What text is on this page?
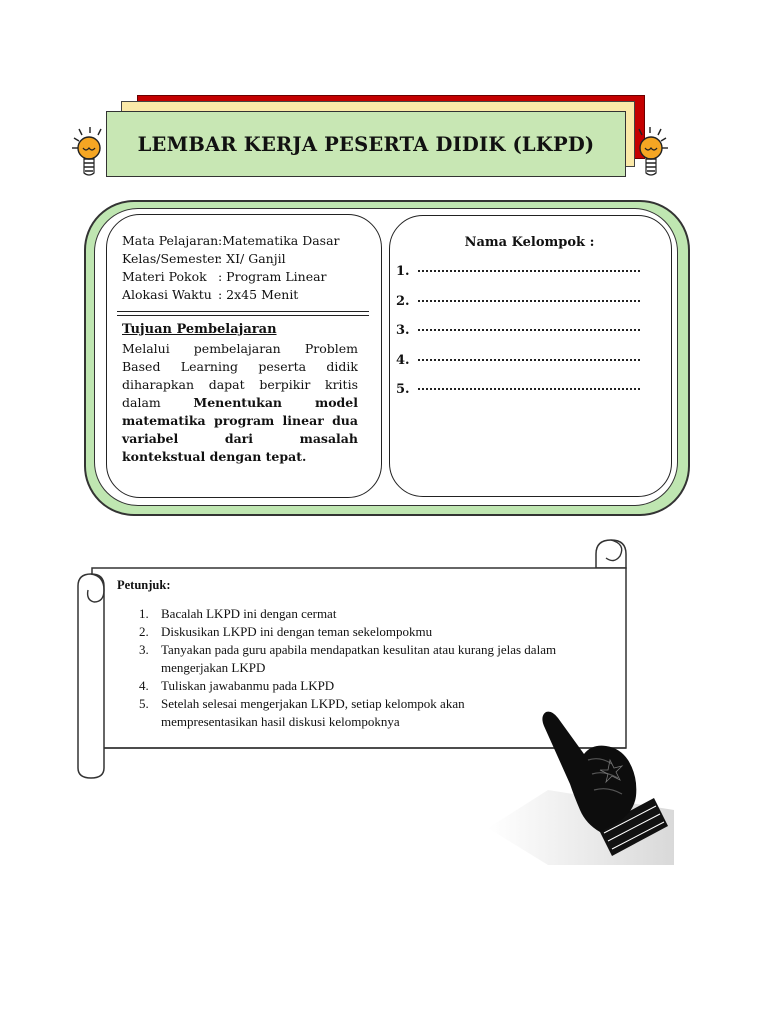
LEMBAR KERJA PESERTA DIDIK (LKPD)
Mata Pelajaran :Matematika Dasar
Kelas/Semester
: XI/ Ganjil
Materi Pokok : Program Linear
Alokasi Waktu : 2x45 Menit
Tujuan Pembelajaran
Melalui pembelajaran Problem Based Learning peserta didik diharapkan dapat berpikir kritis dalam	Menentukan model matematika program linear dua variabel dari masalah kontekstual dengan tepat.
Nama Kelompok :
1.
2.
3.
4.
5.
Petunjuk:
1. Bacalah LKPD ini dengan cermat
2. Diskusikan LKPD ini dengan teman sekelompokmu
3. Tanyakan pada guru apabila mendapatkan kesulitan atau kurang jelas dalam mengerjakan LKPD
4. Tuliskan jawabanmu pada LKPD
5. Setelah selesai mengerjakan LKPD, setiap kelompok akan mempresentasikan hasil diskusi kelompoknya
